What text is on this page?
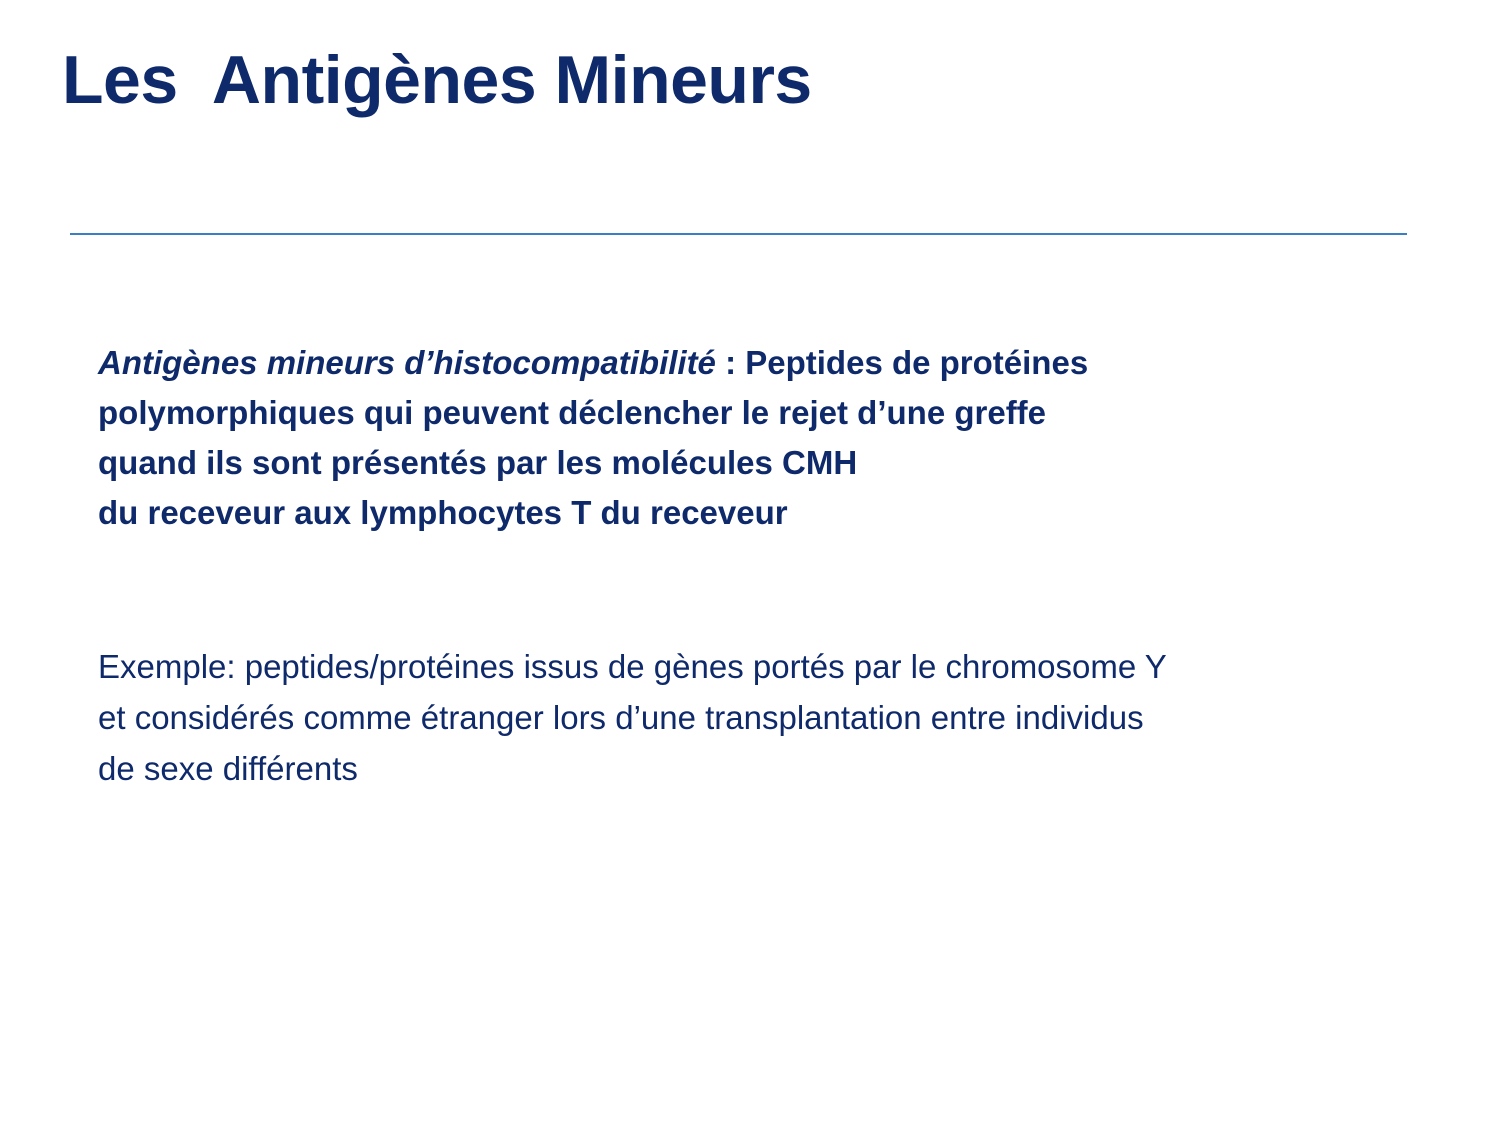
Les  Antigènes Mineurs
Antigènes mineurs d’histocompatibilité : Peptides de protéines
polymorphiques qui peuvent déclencher le rejet d’une greffe
quand ils sont présentés par les molécules CMH
du receveur aux lymphocytes T du receveur
Exemple: peptides/protéines issus de gènes portés par le chromosome Y
et considérés comme étranger lors d’une transplantation entre individus
de sexe différents
